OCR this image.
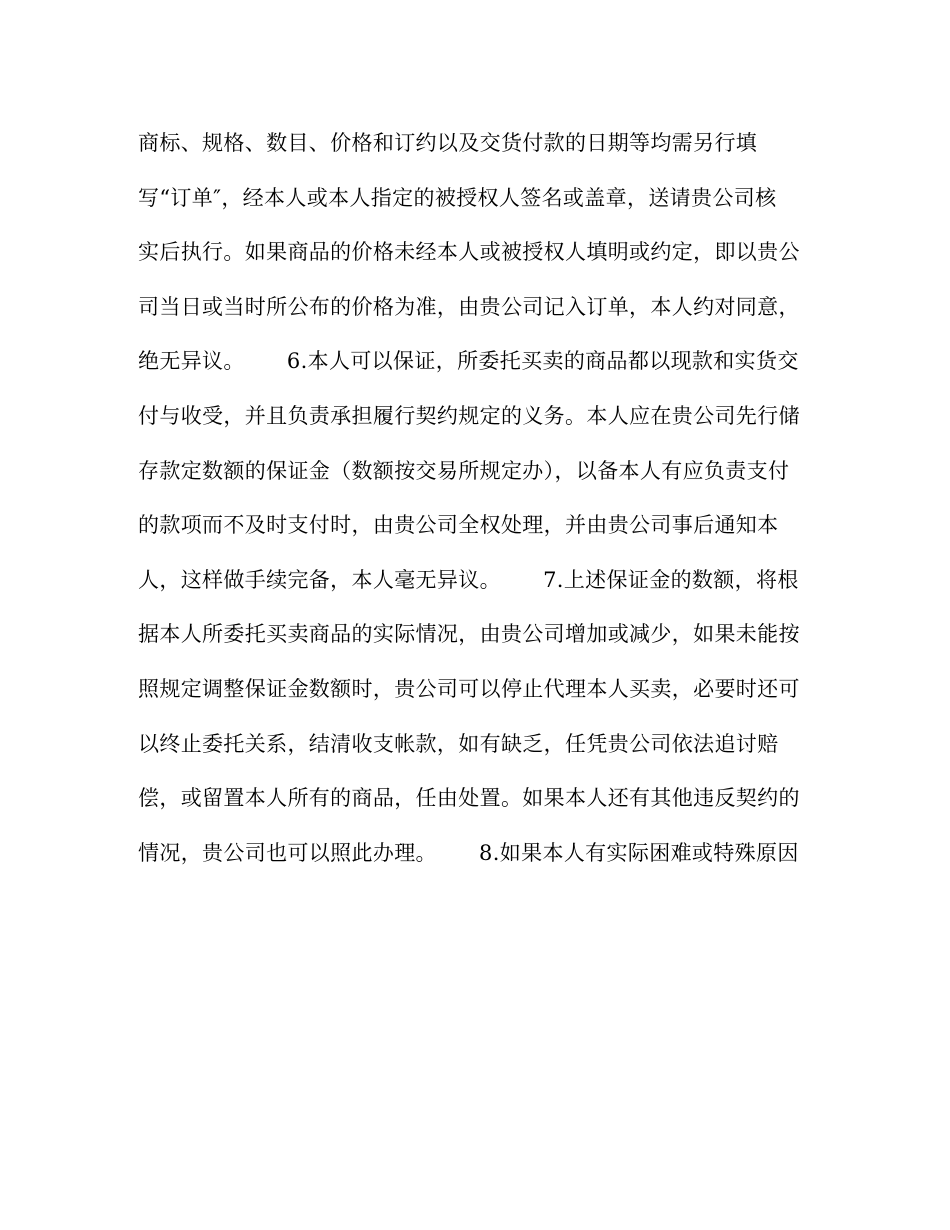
商标、规格、数目、价格和订约以及交货付款的日期等均需另行填
写“订单″，经本人或本人指定的被授权人签名或盖章，送请贵公司核
实后执行。如果商品的价格未经本人或被授权人填明或约定，即以贵公
司当日或当时所公布的价格为准，由贵公司记入订单，本人约对同意，
绝无异议。      6.本人可以保证，所委托买卖的商品都以现款和实货交
付与收受，并且负责承担履行契约规定的义务。本人应在贵公司先行储
存款定数额的保证金（数额按交易所规定办），以备本人有应负责支付
的款项而不及时支付时，由贵公司全权处理，并由贵公司事后通知本
人，这样做手续完备，本人毫无异议。      7.上述保证金的数额，将根
据本人所委托买卖商品的实际情况，由贵公司增加或减少，如果未能按
照规定调整保证金数额时，贵公司可以停止代理本人买卖，必要时还可
以终止委托关系，结清收支帐款，如有缺乏，任凭贵公司依法追讨赔
偿，或留置本人所有的商品，任由处置。如果本人还有其他违反契约的
情况，贵公司也可以照此办理。      8.如果本人有实际困难或特殊原因
